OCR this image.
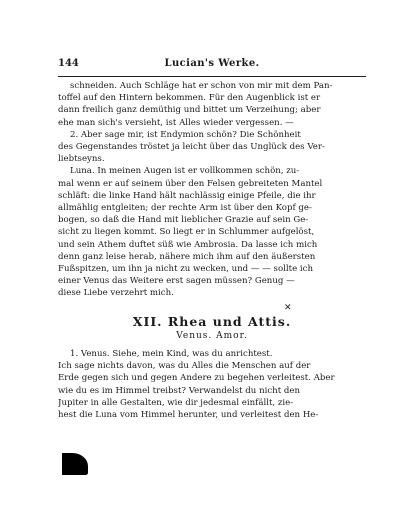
144	Lucian's Werke.
schneiden. Auch Schläge hat er schon von mir mit dem Pan-
toffel auf den Hintern bekommen. Für den Augenblick ist er
dann freilich ganz demüthig und bittet um Verzeihung; aber
ehe man sich's versieht, ist Alles wieder vergessen. —
2. Aber sage mir, ist Endymion schön? Die Schönheit
des Gegenstandes tröstet ja leicht über das Unglück des Ver-
liebtseyns.
Luna. In meinen Augen ist er vollkommen schön, zu-
mal wenn er auf seinem über den Felsen gebreiteten Mantel
schläft: die linke Hand hält nachlässig einige Pfeile, die ihr
allmählig entgleiten; der rechte Arm ist über den Kopf ge-
bogen, so daß die Hand mit lieblicher Grazie auf sein Ge-
sicht zu liegen kommt. So liegt er in Schlummer aufgelöst,
und sein Athem duftet süß wie Ambrosia. Da lasse ich mich
denn ganz leise herab, nähere mich ihm auf den äußersten
Fußspitzen, um ihn ja nicht zu wecken, und — — sollte ich
einer Venus das Weitere erst sagen müssen? Genug —
diese Liebe verzehrt mich.
XII. Rhea und Attis.
Venus. Amor.
1. Venus. Siehe, mein Kind, was du anrichtest.
Ich sage nichts davon, was du Alles die Menschen auf der
Erde gegen sich und gegen Andere zu begehen verleitest. Aber
wie du es im Himmel treibst? Verwandelst du nicht den
Jupiter in alle Gestalten, wie dir jedesmal einfällt, zie-
hest die Luna vom Himmel herunter, und verleitest den He-
✕
